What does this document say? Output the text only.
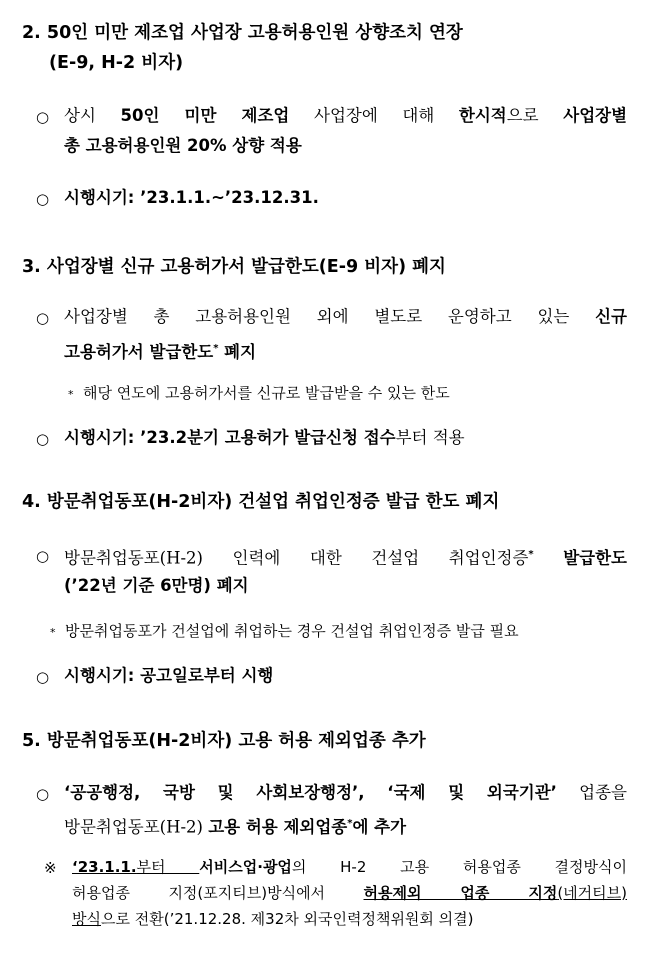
2. 50인 미만 제조업 사업장 고용허용인원 상향조치 연장
(E-9, H-2 비자)
○ 상시 50인 미만 제조업 사업장에 대해 한시적으로 사업장별
총 고용허용인원 20% 상향 적용
○ 시행시기: ’23.1.1.~’23.12.31.
3. 사업장별 신규 고용허가서 발급한도(E-9 비자) 폐지
○ 사업장별 총 고용허용인원 외에 별도로 운영하고 있는 신규
고용허가서 발급한도* 폐지
* 해당 연도에 고용허가서를 신규로 발급받을 수 있는 한도
○ 시행시기: ’23.2분기 고용허가 발급신청 접수부터 적용
4. 방문취업동포(H-2비자) 건설업 취업인정증 발급 한도 폐지
○ 방문취업동포(H-2) 인력에 대한 건설업 취업인정증* 발급한도
(’22년 기준 6만명) 폐지
* 방문취업동포가 건설업에 취업하는 경우 건설업 취업인정증 발급 필요
○ 시행시기: 공고일로부터 시행
5. 방문취업동포(H-2비자) 고용 허용 제외업종 추가
○ ‘공공행정, 국방 및 사회보장행정’, ‘국제 및 외국기관’ 업종을
방문취업동포(H-2) 고용 허용 제외업종*에 추가
※ ‘23.1.1.부터 서비스업·광업의 H-2 고용 허용업종 결정방식이
허용업종 지정(포지티브)방식에서 허용제외 업종 지정(네거티브)
방식으로 전환(’21.12.28. 제32차 외국인력정책위원회 의결)
